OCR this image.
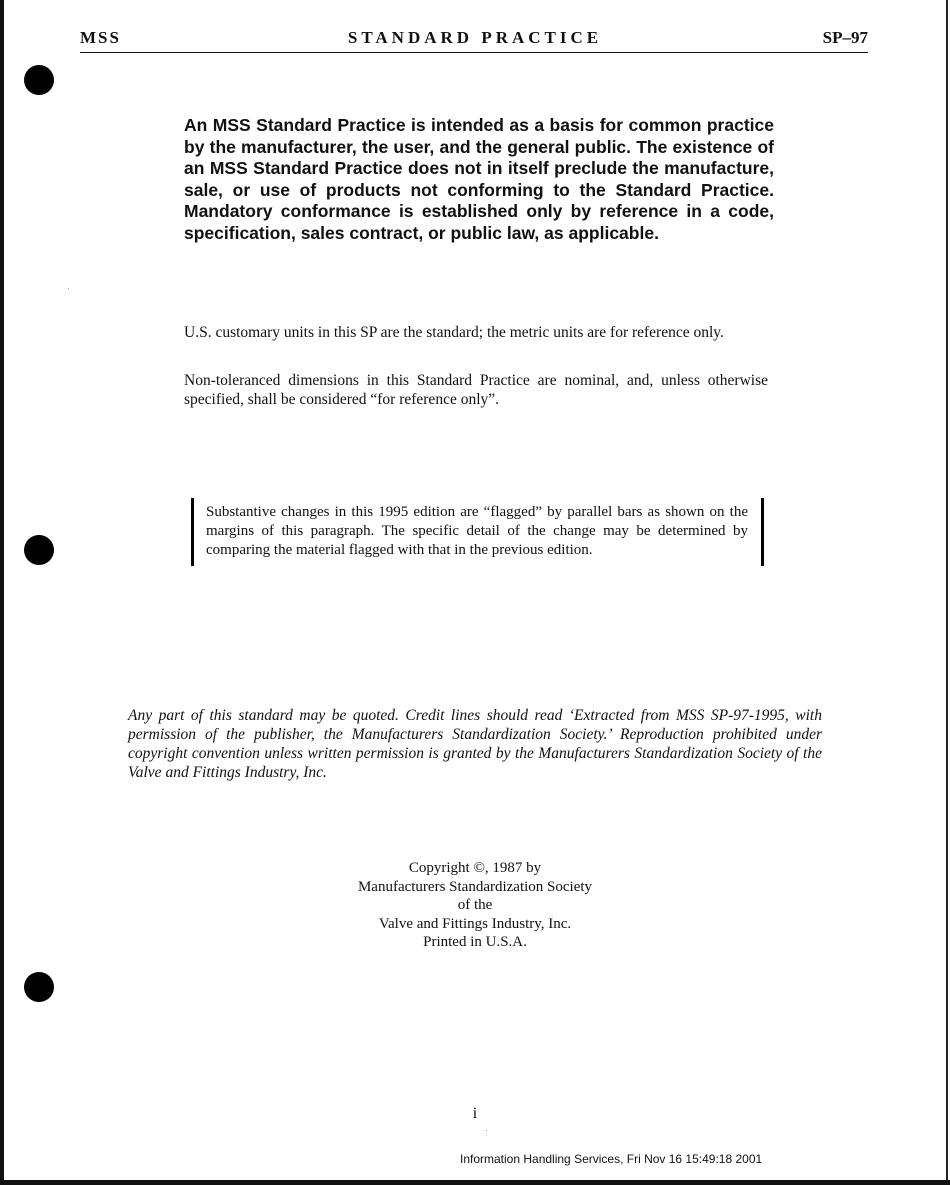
MSS	STANDARD PRACTICE	SP–97
An MSS Standard Practice is intended as a basis for common practice by the manufacturer, the user, and the general public. The existence of an MSS Standard Practice does not in itself preclude the manufacture, sale, or use of products not conforming to the Standard Practice. Mandatory conformance is established only by reference in a code, specification, sales contract, or public law, as applicable.
U.S. customary units in this SP are the standard; the metric units are for reference only.
Non-toleranced dimensions in this Standard Practice are nominal, and, unless otherwise specified, shall be considered “for reference only”.
Substantive changes in this 1995 edition are “flagged” by parallel bars as shown on the margins of this paragraph. The specific detail of the change may be determined by comparing the material flagged with that in the previous edition.
Any part of this standard may be quoted. Credit lines should read ‘Extracted from MSS SP-97-1995, with permission of the publisher, the Manufacturers Standardization Society.’ Reproduction prohibited under copyright convention unless written permission is granted by the Manufacturers Standardization Society of the Valve and Fittings Industry, Inc.
Copyright ©, 1987 by
Manufacturers Standardization Society
of the
Valve and Fittings Industry, Inc.
Printed in U.S.A.
i
Information Handling Services, Fri Nov 16 15:49:18 2001
